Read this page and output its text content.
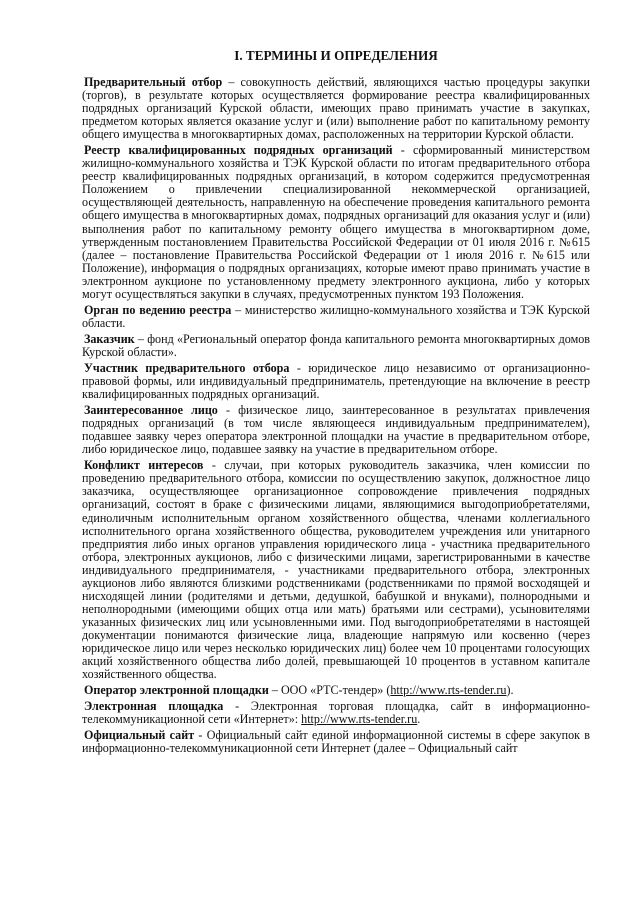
I. ТЕРМИНЫ И ОПРЕДЕЛЕНИЯ

Предварительный отбор – совокупность действий, являющихся частью процедуры закупки (торгов), в результате которых осуществляется формирование реестра квалифицированных подрядных организаций Курской области, имеющих право принимать участие в закупках, предметом которых является оказание услуг и (или) выполнение работ по капитальному ремонту общего имущества в многоквартирных домах, расположенных на территории Курской области.

Реестр квалифицированных подрядных организаций - сформированный министерством жилищно-коммунального хозяйства и ТЭК Курской области по итогам предварительного отбора реестр квалифицированных подрядных организаций, в котором содержится предусмотренная Положением о привлечении специализированной некоммерческой организацией, осуществляющей деятельность, направленную на обеспечение проведения капитального ремонта общего имущества в многоквартирных домах, подрядных организаций для оказания услуг и (или) выполнения работ по капитальному ремонту общего имущества в многоквартирном доме, утвержденным постановлением Правительства Российской Федерации от 01 июля 2016 г. №615 (далее – постановление Правительства Российской Федерации от 1 июля 2016 г. №615 или Положение), информация о подрядных организациях, которые имеют право принимать участие в электронном аукционе по установленному предмету электронного аукциона, либо у которых могут осуществляться закупки в случаях, предусмотренных пунктом 193 Положения.

Орган по ведению реестра – министерство жилищно-коммунального хозяйства и ТЭК Курской области.

Заказчик – фонд «Региональный оператор фонда капитального ремонта многоквартирных домов Курской области».

Участник предварительного отбора - юридическое лицо независимо от организационно-правовой формы, или индивидуальный предприниматель, претендующие на включение в реестр квалифицированных подрядных организаций.

Заинтересованное лицо - физическое лицо, заинтересованное в результатах привлечения подрядных организаций (в том числе являющееся индивидуальным предпринимателем), подавшее заявку через оператора электронной площадки на участие в предварительном отборе, либо юридическое лицо, подавшее заявку на участие в предварительном отборе.

Конфликт интересов - случаи, при которых руководитель заказчика, член комиссии по проведению предварительного отбора, комиссии по осуществлению закупок, должностное лицо заказчика, осуществляющее организационное сопровождение привлечения подрядных организаций, состоят в браке с физическими лицами, являющимися выгодоприобретателями, единоличным исполнительным органом хозяйственного общества, членами коллегиального исполнительного органа хозяйственного общества, руководителем учреждения или унитарного предприятия либо иных органов управления юридического лица - участника предварительного отбора, электронных аукционов, либо с физическими лицами, зарегистрированными в качестве индивидуального предпринимателя, - участниками предварительного отбора, электронных аукционов либо являются близкими родственниками (родственниками по прямой восходящей и нисходящей линии (родителями и детьми, дедушкой, бабушкой и внуками), полнородными и неполнородными (имеющими общих отца или мать) братьями или сестрами), усыновителями указанных физических лиц или усыновленными ими. Под выгодоприобретателями в настоящей документации понимаются физические лица, владеющие напрямую или косвенно (через юридическое лицо или через несколько юридических лиц) более чем 10 процентами голосующих акций хозяйственного общества либо долей, превышающей 10 процентов в уставном капитале хозяйственного общества.

Оператор электронной площадки – ООО «РТС-тендер» (http://www.rts-tender.ru).

Электронная площадка - Электронная торговая площадка, сайт в информационно-телекоммуникационной сети «Интернет»: http://www.rts-tender.ru.

Официальный сайт - Официальный сайт единой информационной системы в сфере закупок в информационно-телекоммуникационной сети Интернет (далее – Официальный сайт
